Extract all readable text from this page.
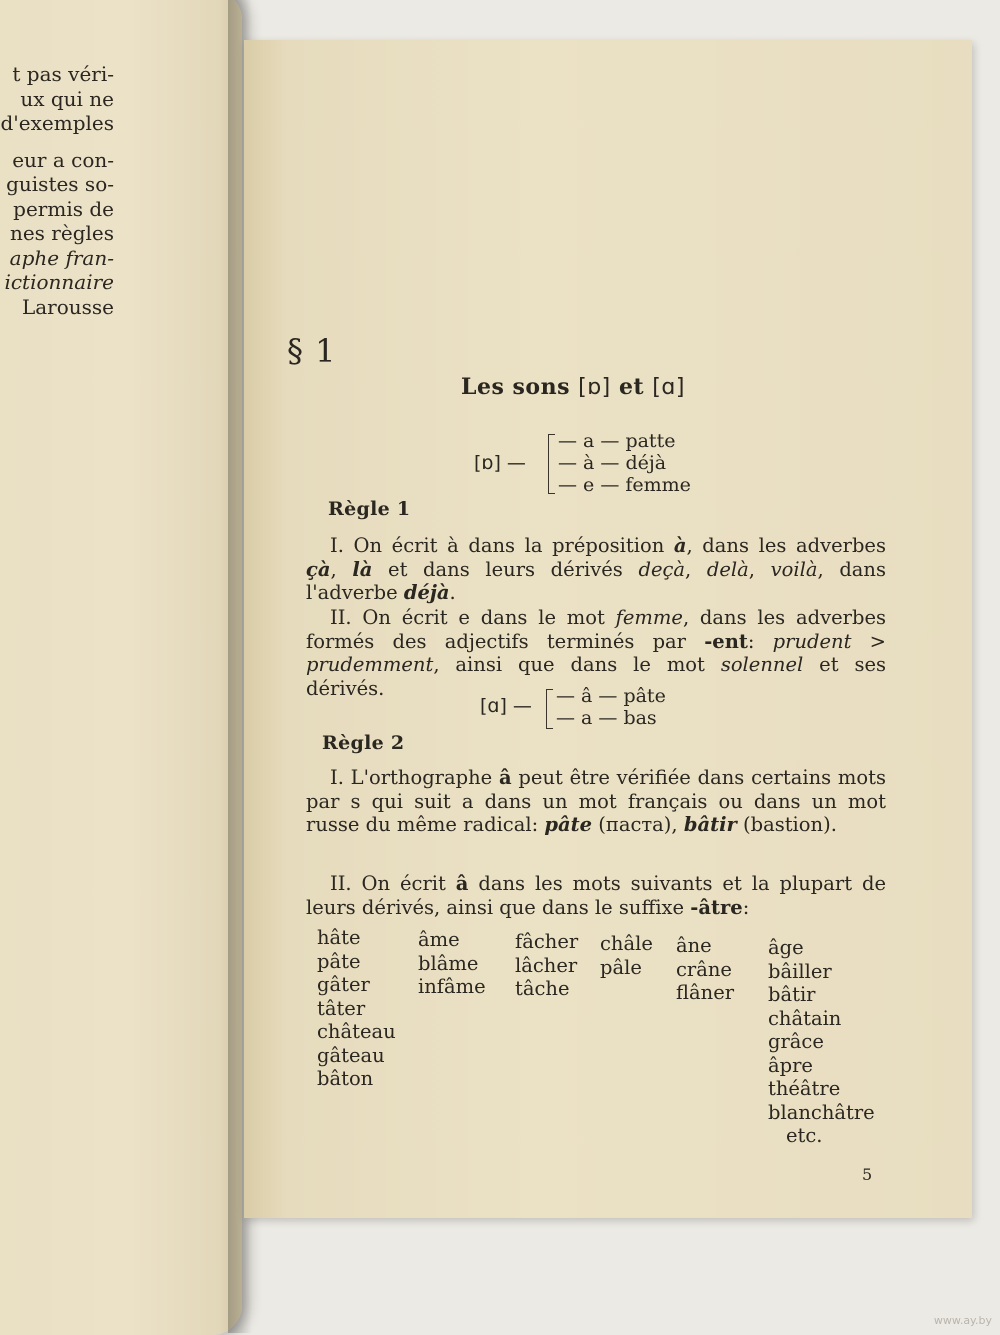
t pas véri-
ux qui ne
d'exemples
eur a con-
guistes so-
permis de
nes règles
aphe fran-
ictionnaire
Larousse
§ 1
Les sons [ɒ] et [ɑ]
[ɒ] —
— a — patte
— à — déjà
— e — femme
Règle 1
I. On écrit à dans la préposition à, dans les adverbes çà, là et dans leurs dérivés deçà, delà, voilà, dans l'adverbe déjà.
II. On écrit e dans le mot femme, dans les adverbes formés des adjectifs terminés par -ent: prudent > prudemment, ainsi que dans le mot solennel et ses dérivés.
[ɑ] — — â — pâte
— a — bas
Règle 2
I. L'orthographe â peut être vérifiée dans certains mots par s qui suit a dans un mot français ou dans un mot russe du même radical: pâte (паста), bâtir (bastion).
II. On écrit â dans les mots suivants et la plupart de leurs dérivés, ainsi que dans le suffixe -âtre:
hâte
pâte
gâter
tâter
château
gâteau
bâton
âme
blâme
infâme
fâcher
lâcher
tâche
châle
pâle
âne
crâne
flâner
âge
bâiller
bâtir
châtain
grâce
âpre
théâtre
blanchâtre
etc.
5
www.ay.by
